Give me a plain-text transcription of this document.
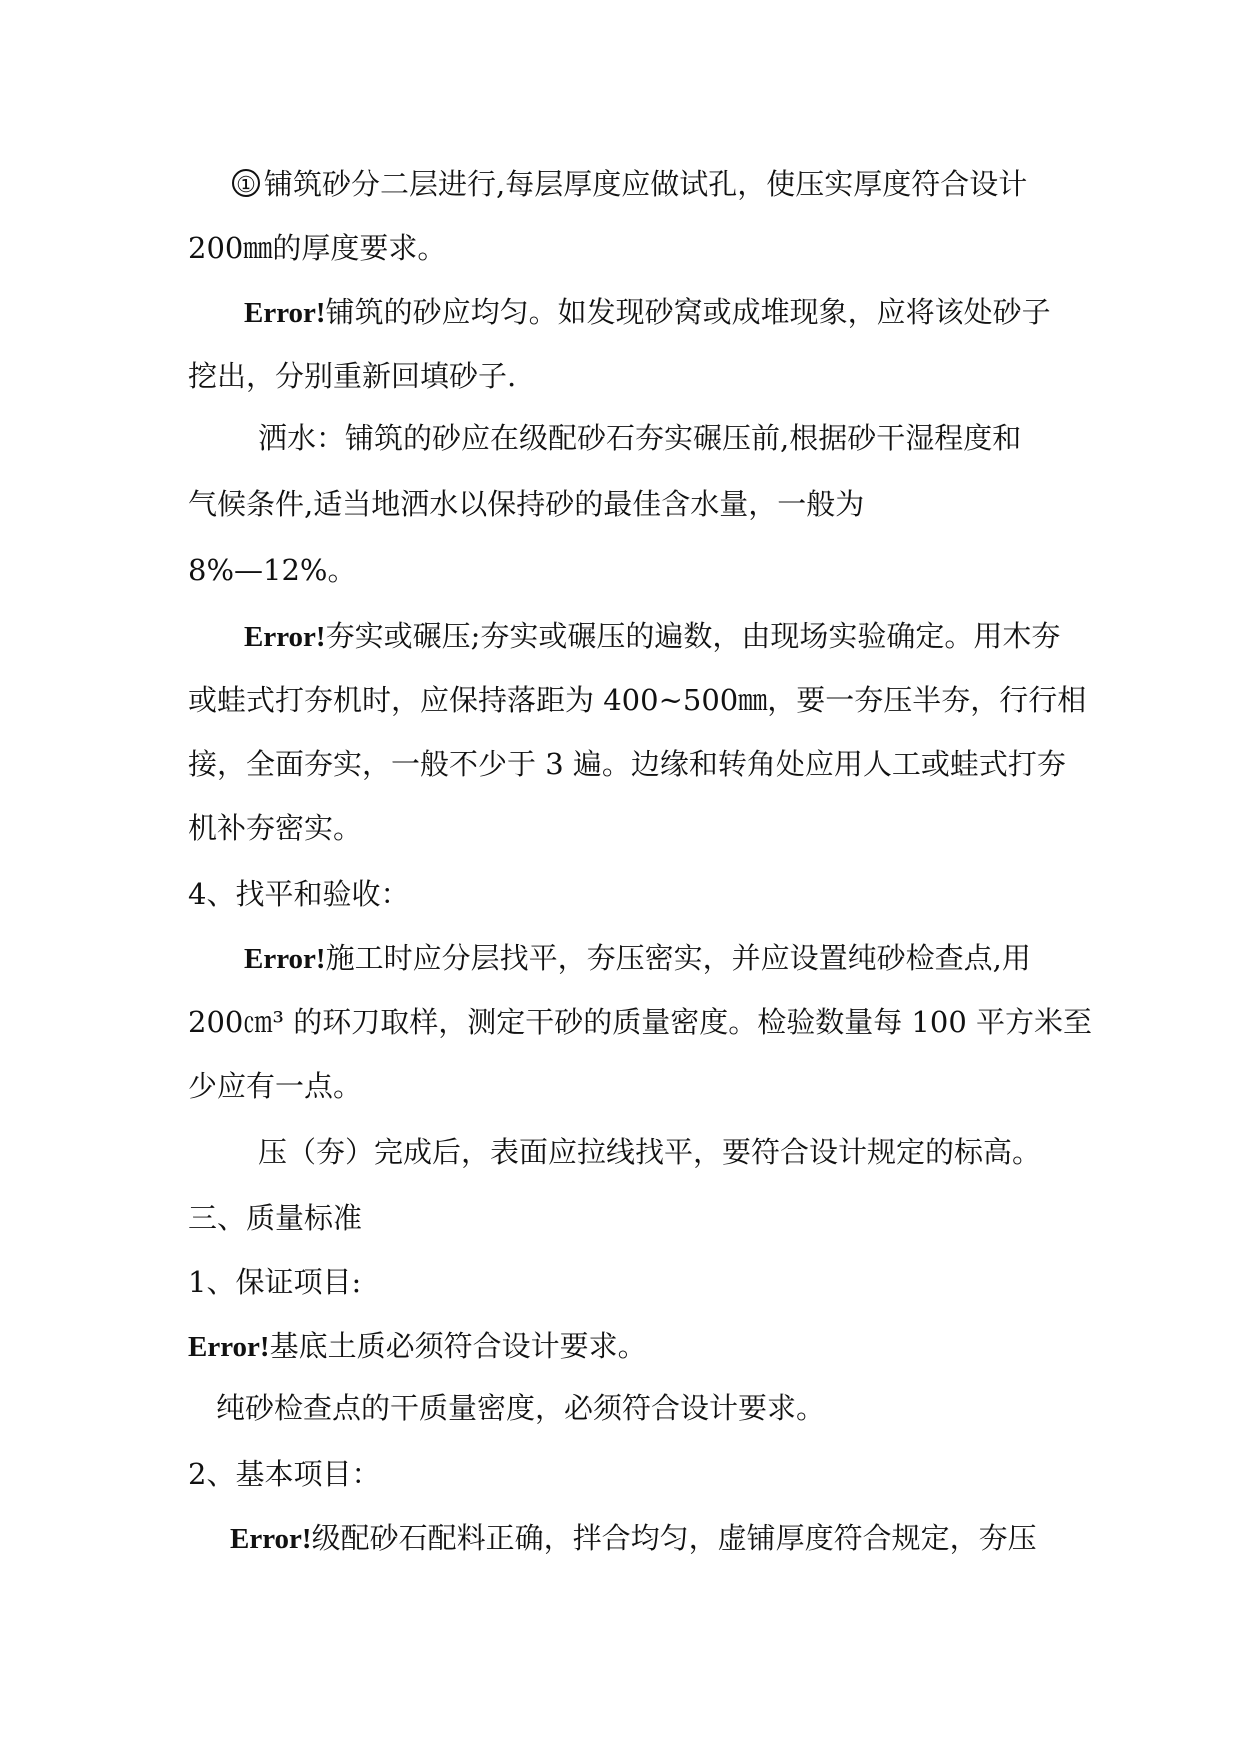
① 铺筑砂分二层进行,每层厚度应做试孔，使压实厚度符合设计
200㎜的厚度要求。
Error!铺筑的砂应均匀。如发现砂窝或成堆现象，应将该处砂子
挖出，分别重新回填砂子.
洒水：铺筑的砂应在级配砂石夯实碾压前,根据砂干湿程度和
气候条件,适当地洒水以保持砂的最佳含水量，一般为
8%—12%。
Error!夯实或碾压;夯实或碾压的遍数，由现场实验确定。用木夯
或蛙式打夯机时，应保持落距为 400~500㎜，要一夯压半夯，行行相
接，全面夯实，一般不少于 3 遍。边缘和转角处应用人工或蛙式打夯
机补夯密实。
4、找平和验收：
Error!施工时应分层找平，夯压密实，并应设置纯砂检查点,用
200㎝³ 的环刀取样，测定干砂的质量密度。检验数量每 100 平方米至
少应有一点。
压（夯）完成后，表面应拉线找平，要符合设计规定的标高。
三、质量标准
1、保证项目:
Error!基底土质必须符合设计要求。
纯砂检查点的干质量密度，必须符合设计要求。
2、基本项目：
Error!级配砂石配料正确，拌合均匀，虚铺厚度符合规定，夯压
